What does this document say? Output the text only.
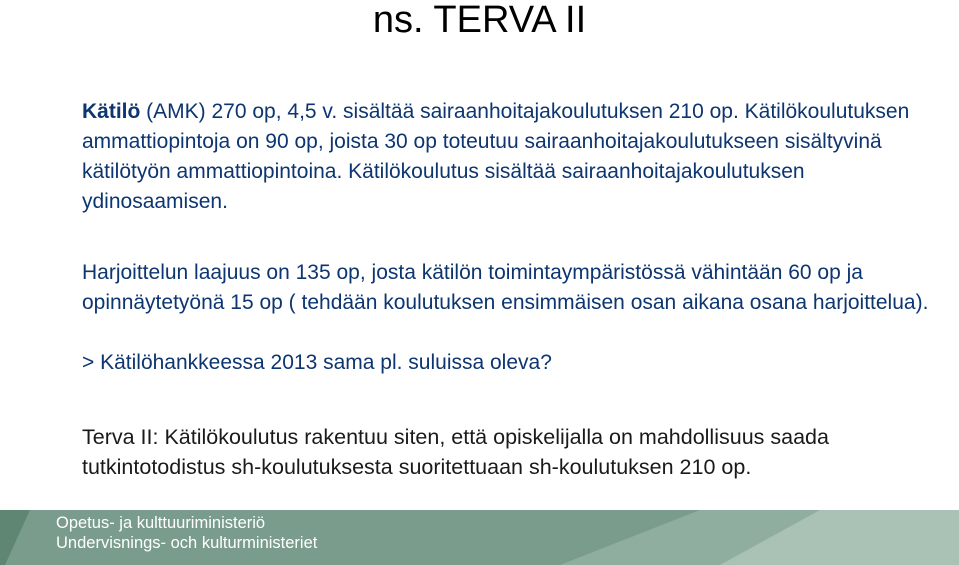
ns. TERVA II
Kätilö (AMK) 270 op, 4,5 v. sisältää sairaanhoitajakoulutuksen 210 op. Kätilökoulutuksen ammattiopintoja on 90 op, joista 30 op toteutuu sairaanhoitajakoulutukseen sisältyvinä kätilötyön ammattiopintoina. Kätilökoulutus sisältää sairaanhoitajakoulutuksen ydinosaamisen.
Harjoittelun laajuus on 135 op, josta kätilön toimintaympäristössä vähintään 60 op ja opinnäytetyönä 15 op ( tehdään koulutuksen ensimmäisen osan aikana osana harjoittelua).
> Kätilöhankkeessa 2013 sama pl. suluissa oleva?
Terva II: Kätilökoulutus rakentuu siten, että opiskelijalla on mahdollisuus saada tutkintotodistus sh-koulutuksesta suoritettuaan sh-koulutuksen 210 op.
Opetus- ja kulttuuriministeriö
Undervisnings- och kulturministeriet
